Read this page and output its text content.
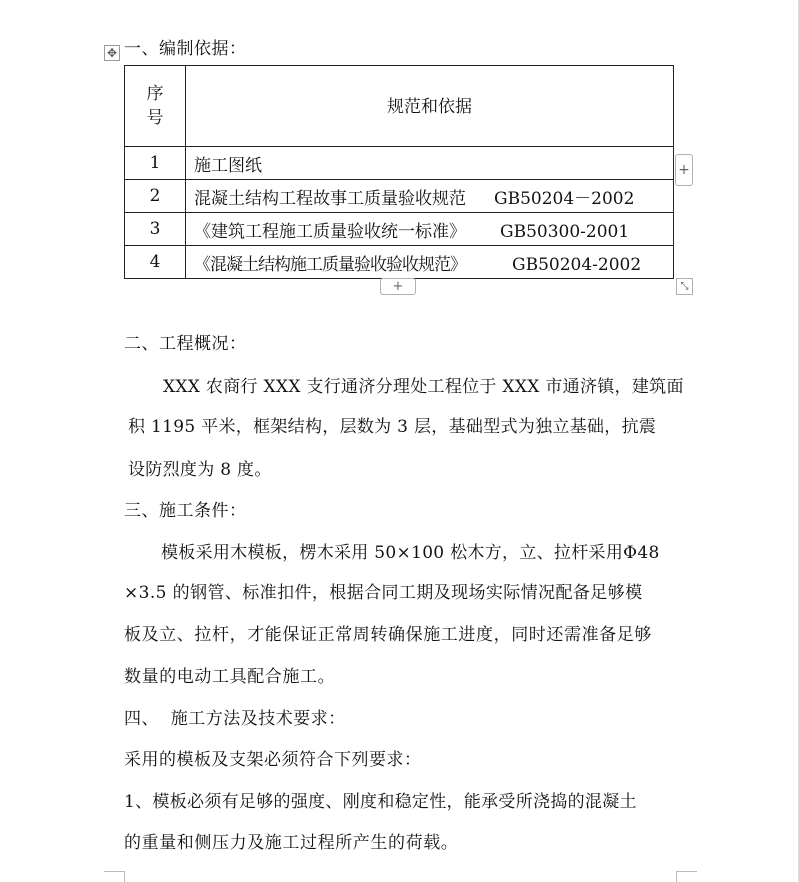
✥ 一、编制依据：
序号	规范和依据
1	施工图纸
2	混凝土结构工程故事工质量验收规范 GB50204－2002
3	《建筑工程施工质量验收统一标准》 GB50300-2001
4	《混凝土结构施工质量验收验收规范》 GB50204-2002
+
+	⤡
二、工程概况：
XXX 农商行 XXX 支行通济分理处工程位于 XXX 市通济镇，建筑面
积 1195 平米，框架结构，层数为 3 层，基础型式为独立基础，抗震
设防烈度为 8 度。
三、施工条件：
模板采用木模板，楞木采用 50×100 松木方，立、拉杆采用Φ48
×3.5 的钢管、标准扣件，根据合同工期及现场实际情况配备足够模
板及立、拉杆，才能保证正常周转确保施工进度，同时还需准备足够
数量的电动工具配合施工。
四、  施工方法及技术要求：
采用的模板及支架必须符合下列要求：
1、模板必须有足够的强度、刚度和稳定性，能承受所浇捣的混凝土
的重量和侧压力及施工过程所产生的荷载。
